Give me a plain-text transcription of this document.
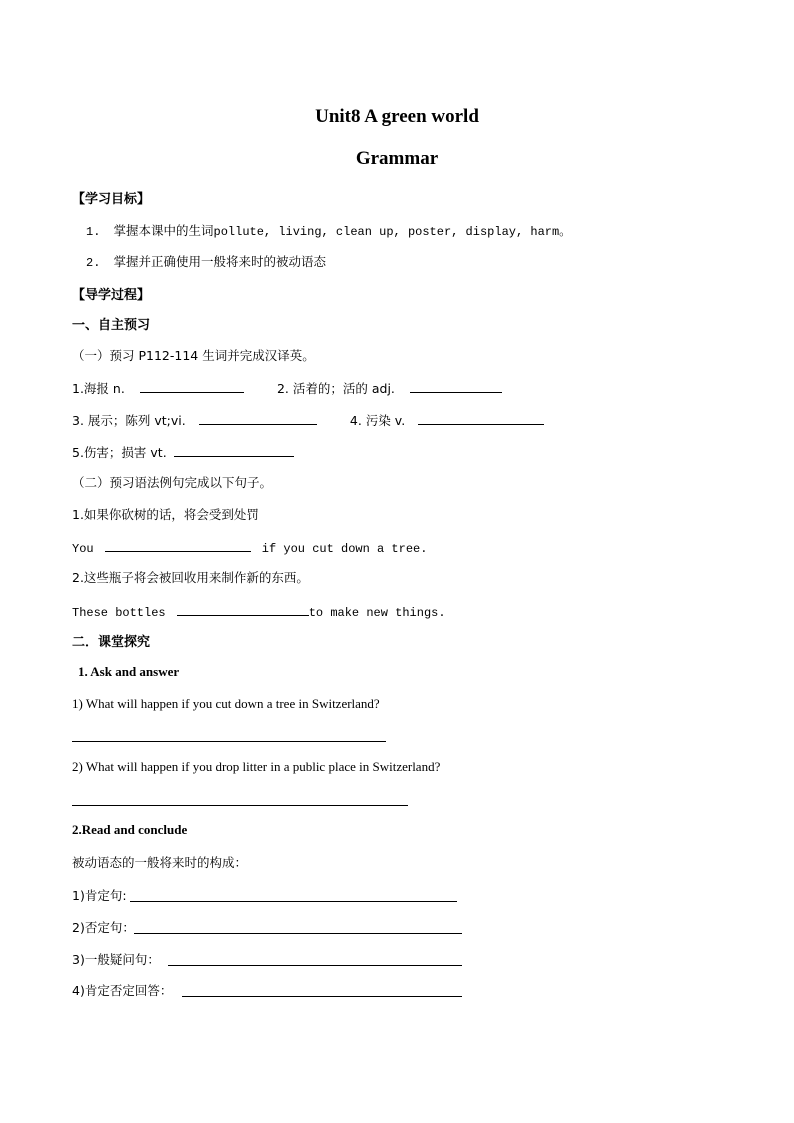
Unit8 A green world
Grammar
【学习目标】
1. 掌握本课中的生词pollute, living, clean up, poster, display, harm。
2. 掌握并正确使用一般将来时的被动语态
【导学过程】
一、自主预习
（一）预习 P112-114 生词并完成汉译英。
1.海报 n.	2. 活着的；活的 adj.
3. 展示；陈列 vt;vi.	4. 污染 v.
5.伤害；损害 vt.
（二）预习语法例句完成以下句子。
1.如果你砍树的话，将会受到处罚
You	if you cut down a tree.
2.这些瓶子将会被回收用来制作新的东西。
These bottles	to make new things.
二．课堂探究
1. Ask and answer
1) What will happen if you cut down a tree in Switzerland?
2) What will happen if you drop litter in a public place in Switzerland?
2.Read and conclude
被动语态的一般将来时的构成：
1)肯定句:
2)否定句：
3)一般疑问句：
4)肯定否定回答：
